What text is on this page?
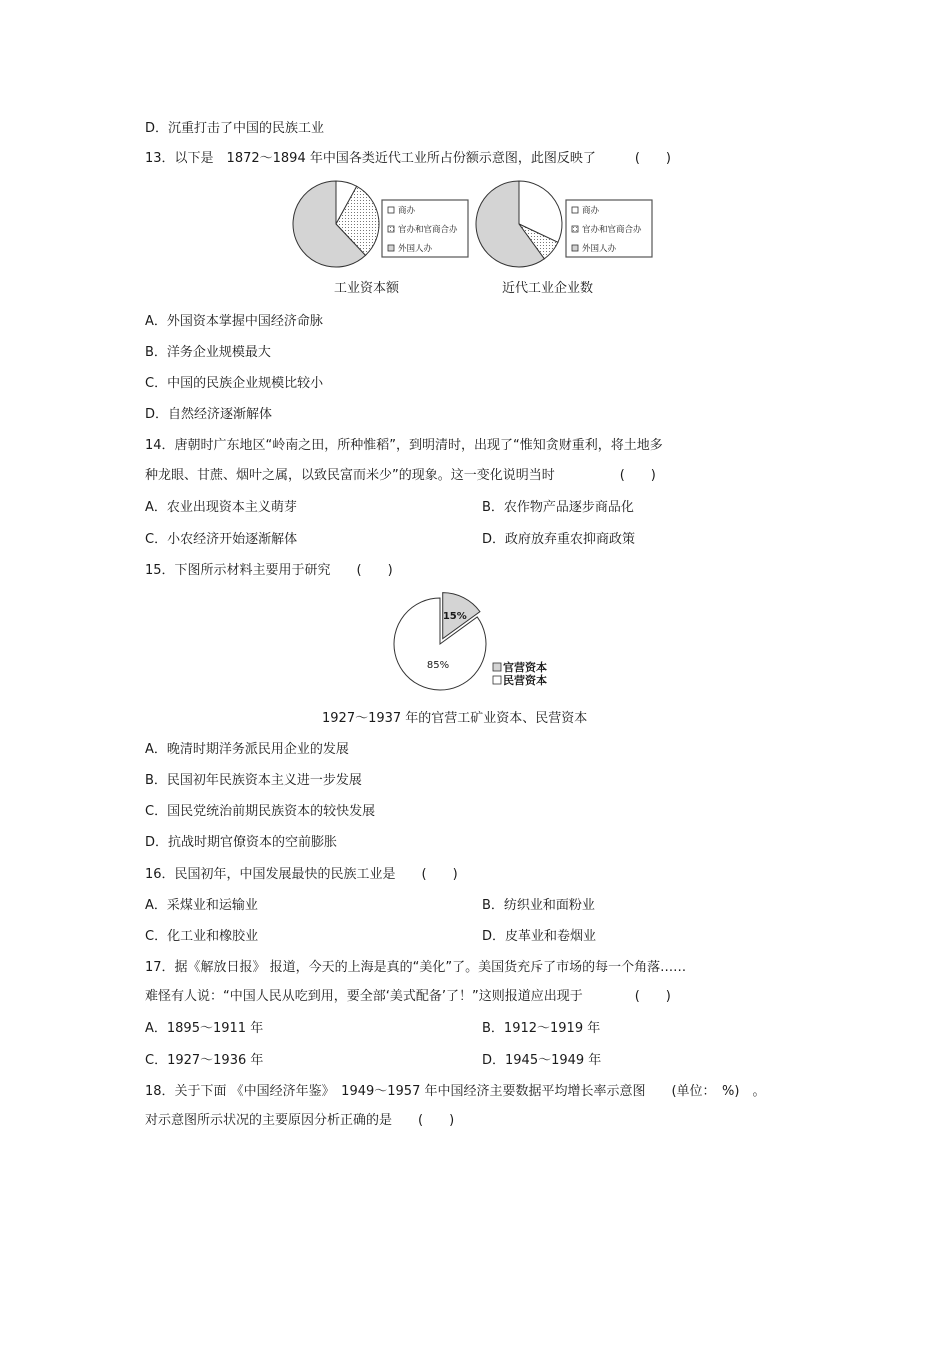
D．沉重打击了中国的民族工业
13．以下是　1872～1894 年中国各类近代工业所占份额示意图，此图反映了　　　(　　)
商办
官办和官商合办
外国人办
商办
官办和官商合办
外国人办
工业资本额	近代工业企业数
A．外国资本掌握中国经济命脉
B．洋务企业规模最大
C．中国的民族企业规模比较小
D．自然经济逐渐解体
14．唐朝时广东地区“岭南之田，所种惟稻”，到明清时，出现了“惟知贪财重利，将土地多
种龙眼、甘蔗、烟叶之属，以致民富而米少”的现象。这一变化说明当时　　　　　(　　)
A．农业出现资本主义萌芽	B．农作物产品逐步商品化
C．小农经济开始逐渐解体	D．政府放弃重农抑商政策
15．下图所示材料主要用于研究　　(　　)
15%
85%	官营资本
民营资本
1927～1937 年的官营工矿业资本、民营资本
A．晚清时期洋务派民用企业的发展
B．民国初年民族资本主义进一步发展
C．国民党统治前期民族资本的较快发展
D．抗战时期官僚资本的空前膨胀
16．民国初年，中国发展最快的民族工业是　　(　　)
A．采煤业和运输业	B．纺织业和面粉业
C．化工业和橡胶业	D．皮革业和卷烟业
17．据《解放日报》 报道，今天的上海是真的“美化”了。美国货充斥了市场的每一个角落……
难怪有人说：“中国人民从吃到用，要全部‘美式配备’了！”这则报道应出现于　　　　(　　)
A．1895～1911 年	B．1912～1919 年
C．1927～1936 年	D．1945～1949 年
18．关于下面 《中国经济年鉴》　1949～1957 年中国经济主要数据平均增长率示意图　　(单位：　%)　。
对示意图所示状况的主要原因分析正确的是　　(　　)
